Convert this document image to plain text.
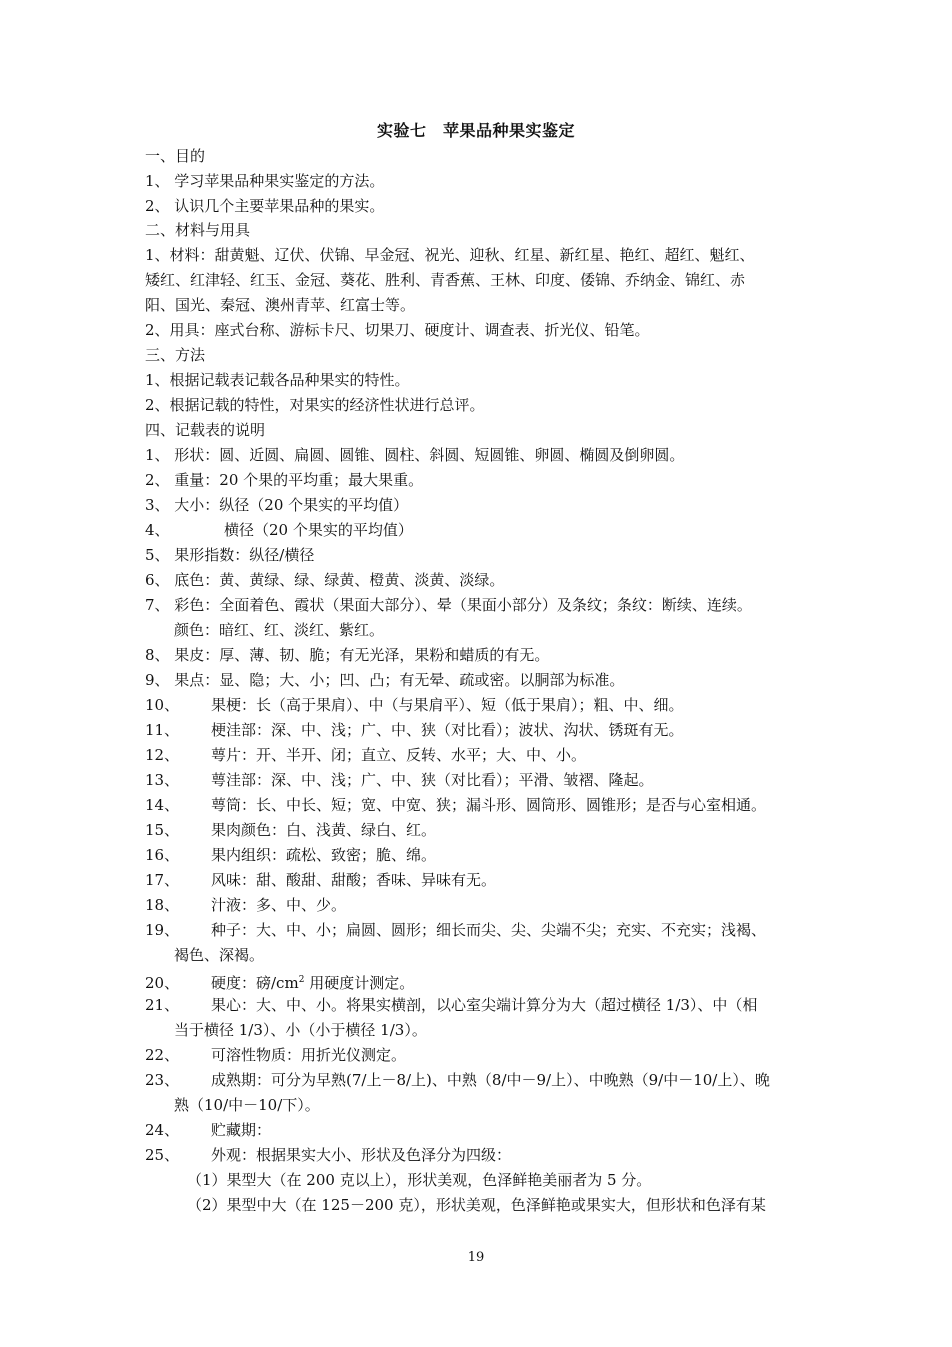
实验七　苹果品种果实鉴定
一、目的
1、 学习苹果品种果实鉴定的方法。
2、 认识几个主要苹果品种的果实。
二、材料与用具
1、材料：甜黄魁、辽伏、伏锦、早金冠、祝光、迎秋、红星、新红星、艳红、超红、魁红、
矮红、红津轻、红玉、金冠、葵花、胜利、青香蕉、王林、印度、倭锦、乔纳金、锦红、赤
阳、国光、秦冠、澳州青苹、红富士等。
2、用具：座式台称、游标卡尺、切果刀、硬度计、调查表、折光仪、铅笔。
三、方法
1、根据记载表记载各品种果实的特性。
2、根据记载的特性，对果实的经济性状进行总评。
四、记载表的说明
1、 形状：圆、近圆、扁圆、圆锥、圆柱、斜圆、短圆锥、卵圆、椭圆及倒卵圆。
2、 重量：20 个果的平均重；最大果重。
3、 大小：纵径（20 个果实的平均值）
4、	横径（20 个果实的平均值）
5、 果形指数：纵径/横径
6、 底色：黄、黄绿、绿、绿黄、橙黄、淡黄、淡绿。
7、 彩色：全面着色、霞状（果面大部分）、晕（果面小部分）及条纹；条纹：断续、连续。
颜色：暗红、红、淡红、紫红。
8、 果皮：厚、薄、韧、脆；有无光泽，果粉和蜡质的有无。
9、 果点：显、隐；大、小；凹、凸；有无晕、疏或密。以胴部为标准。
10、 果梗：长（高于果肩）、中（与果肩平）、短（低于果肩）；粗、中、细。
11、 梗洼部：深、中、浅；广、中、狭（对比看）；波状、沟状、锈斑有无。
12、 萼片：开、半开、闭；直立、反转、水平；大、中、小。
13、 萼洼部：深、中、浅；广、中、狭（对比看）；平滑、皱褶、隆起。
14、 萼筒：长、中长、短；宽、中宽、狭；漏斗形、圆筒形、圆锥形；是否与心室相通。
15、 果肉颜色：白、浅黄、绿白、红。
16、 果内组织：疏松、致密；脆、绵。
17、 风味：甜、酸甜、甜酸；香味、异味有无。
18、 汁液：多、中、少。
19、 种子：大、中、小；扁圆、圆形；细长而尖、尖、尖端不尖；充实、不充实；浅褐、
褐色、深褐。
20、 硬度：磅$/cm^2$ 用硬度计测定。
21、 果心：大、中、小。将果实横剖，以心室尖端计算分为大（超过横径 1/3）、中（相
当于横径 1/3）、小（小于横径 1/3）。
22、 可溶性物质：用折光仪测定。
23、 成熟期：可分为早熟(7/上－8/上)、中熟（8/中－9/上）、中晚熟（9/中－10/上）、晚
熟（10/中－10/下）。
24、 贮藏期：
25、 外观：根据果实大小、形状及色泽分为四级：
（1）果型大（在 200 克以上），形状美观，色泽鲜艳美丽者为 5 分。
（2）果型中大（在 125－200 克），形状美观，色泽鲜艳或果实大，但形状和色泽有某
19
